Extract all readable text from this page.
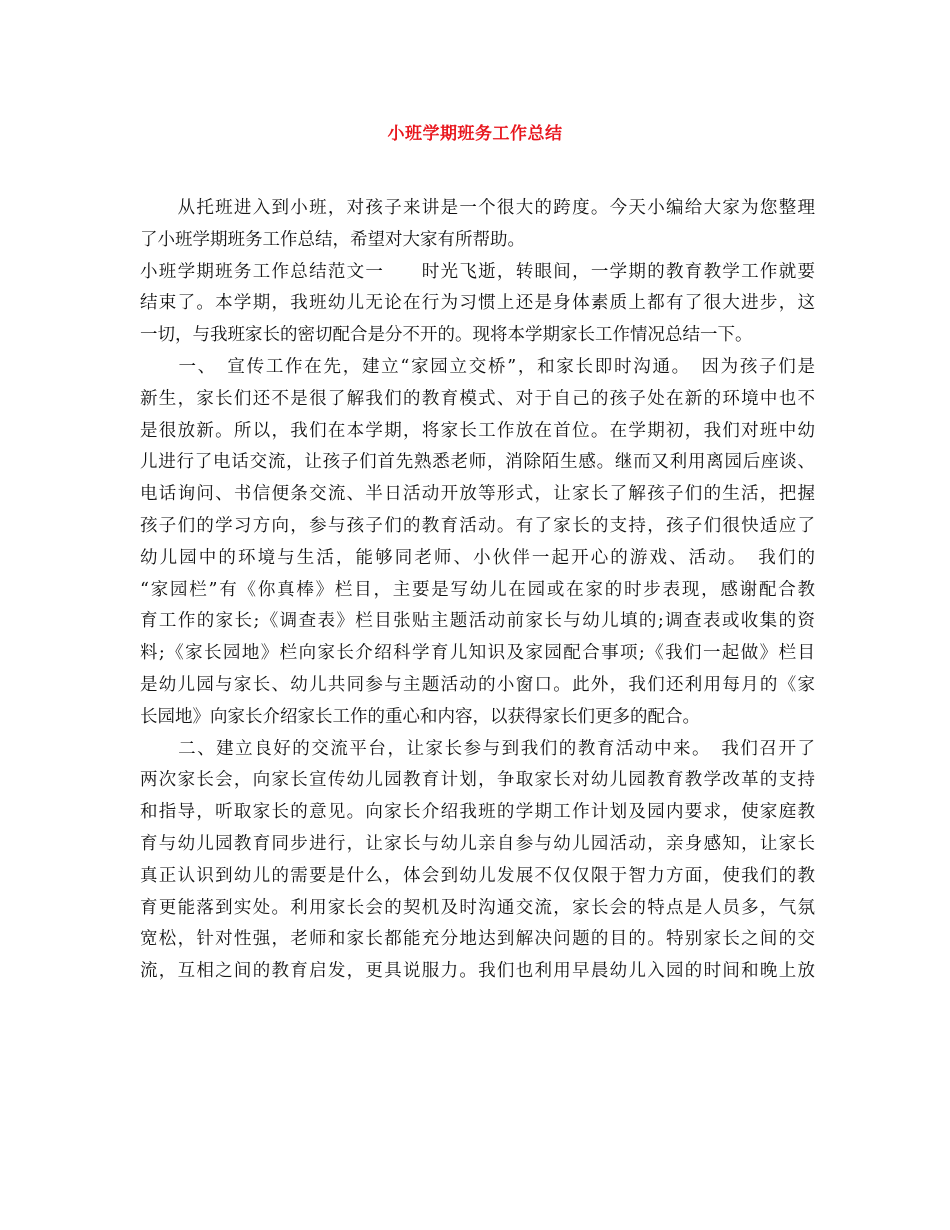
小班学期班务工作总结
　　从托班进入到小班，对孩子来讲是一个很大的跨度。今天小编给大家为您整理
了小班学期班务工作总结，希望对大家有所帮助。
小班学期班务工作总结范文一　　时光飞逝，转眼间，一学期的教育教学工作就要
结束了。本学期，我班幼儿无论在行为习惯上还是身体素质上都有了很大进步，这
一切，与我班家长的密切配合是分不开的。现将本学期家长工作情况总结一下。
　　一、　宣传工作在先，建立“家园立交桥”，和家长即时沟通。　因为孩子们是
新生，家长们还不是很了解我们的教育模式、对于自己的孩子处在新的环境中也不
是很放新。所以，我们在本学期，将家长工作放在首位。在学期初，我们对班中幼
儿进行了电话交流，让孩子们首先熟悉老师，消除陌生感。继而又利用离园后座谈、
电话询问、书信便条交流、半日活动开放等形式，让家长了解孩子们的生活，把握
孩子们的学习方向，参与孩子们的教育活动。有了家长的支持，孩子们很快适应了
幼儿园中的环境与生活，能够同老师、小伙伴一起开心的游戏、活动。　我们的
“家园栏”有《你真棒》栏目，主要是写幼儿在园或在家的时步表现，感谢配合教
育工作的家长;《调查表》栏目张贴主题活动前家长与幼儿填的;调查表或收集的资
料;《家长园地》栏向家长介绍科学育儿知识及家园配合事项;《我们一起做》栏目
是幼儿园与家长、幼儿共同参与主题活动的小窗口。此外，我们还利用每月的《家
长园地》向家长介绍家长工作的重心和内容，以获得家长们更多的配合。
　　二、建立良好的交流平台，让家长参与到我们的教育活动中来。　我们召开了
两次家长会，向家长宣传幼儿园教育计划，争取家长对幼儿园教育教学改革的支持
和指导，听取家长的意见。向家长介绍我班的学期工作计划及园内要求，使家庭教
育与幼儿园教育同步进行，让家长与幼儿亲自参与幼儿园活动，亲身感知，让家长
真正认识到幼儿的需要是什么，体会到幼儿发展不仅仅限于智力方面，使我们的教
育更能落到实处。利用家长会的契机及时沟通交流，家长会的特点是人员多，气氛
宽松，针对性强，老师和家长都能充分地达到解决问题的目的。特别家长之间的交
流，互相之间的教育启发，更具说服力。我们也利用早晨幼儿入园的时间和晚上放
